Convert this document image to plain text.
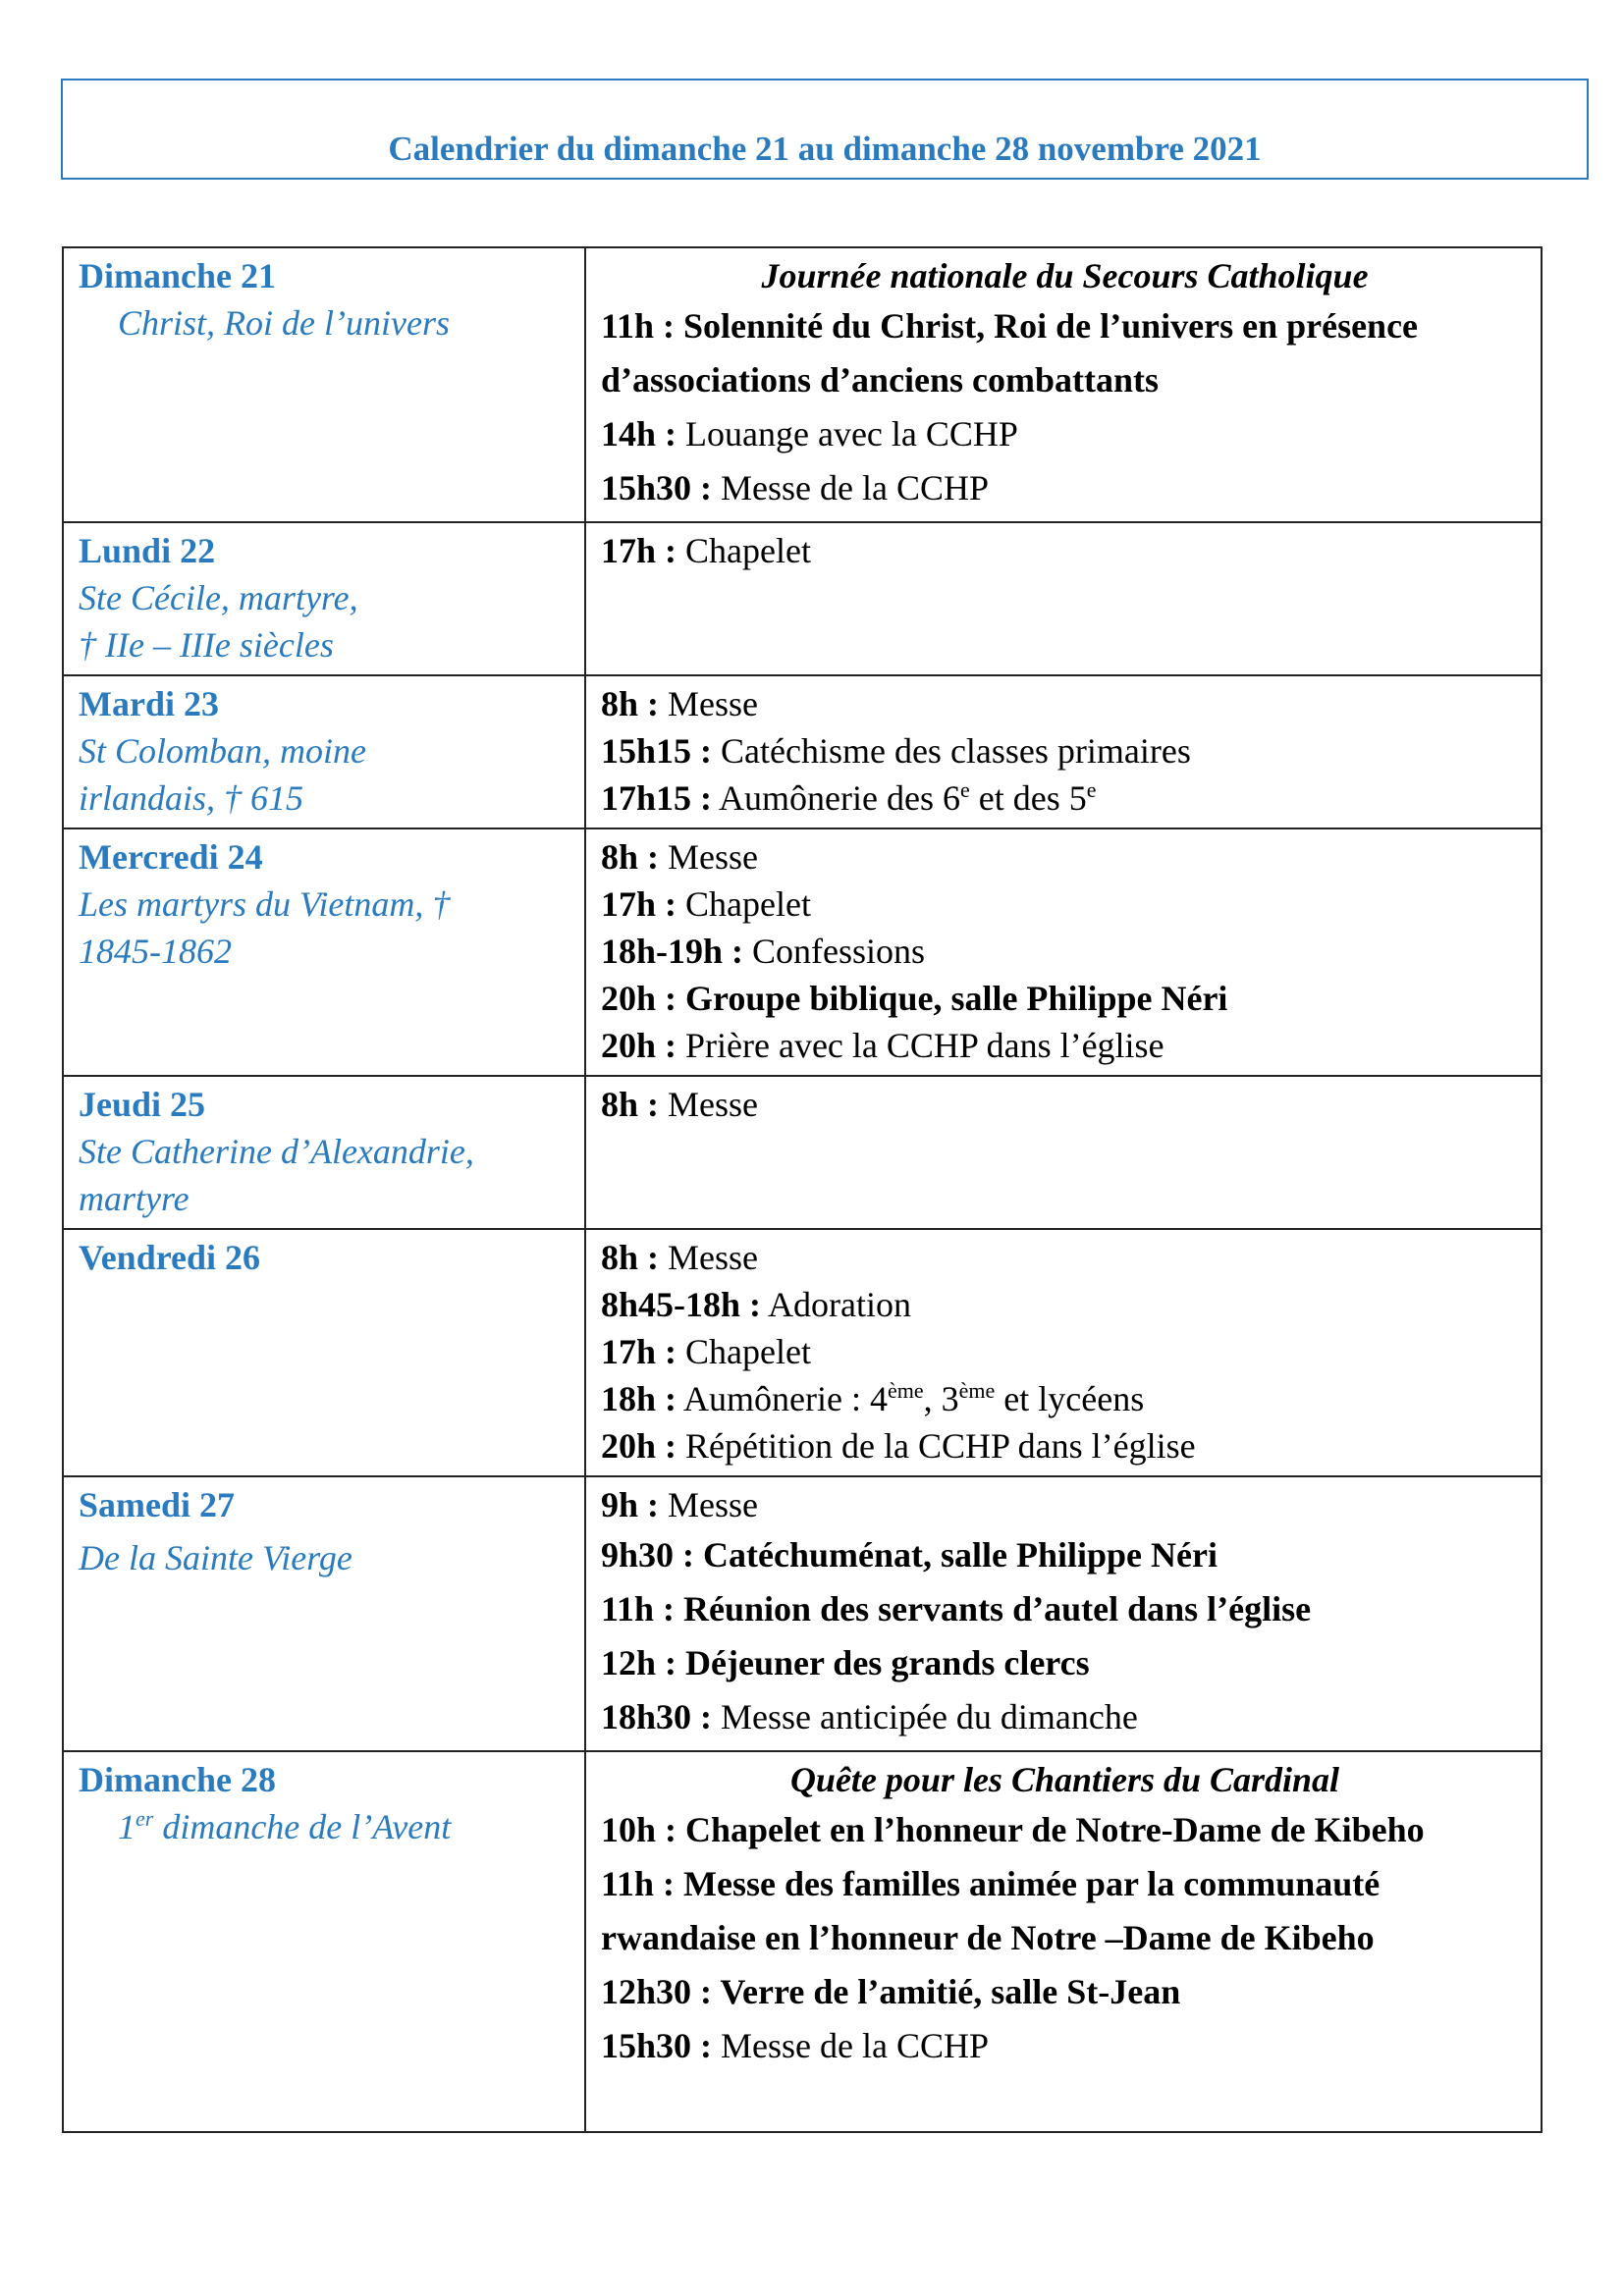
Calendrier du dimanche 21 au dimanche 28 novembre 2021
Dimanche 21
Christ, Roi de l’univers	Journée nationale du Secours Catholique
11h : Solennité du Christ, Roi de l’univers en présence d’associations d’anciens combattants
14h : Louange avec la CCHP
15h30 : Messe de la CCHP

Lundi 22
Ste Cécile, martyre,
† IIe – IIIe siècles	17h : Chapelet

Mardi 23
St Colomban, moine
irlandais, † 615	8h : Messe
15h15 : Catéchisme des classes primaires
17h15 : Aumônerie des 6e et des 5e

Mercredi 24
Les martyrs du Vietnam, †
1845-1862	8h : Messe
17h : Chapelet
18h-19h : Confessions
20h : Groupe biblique, salle Philippe Néri
20h : Prière avec la CCHP dans l’église

Jeudi 25
Ste Catherine d’Alexandrie,
martyre	8h : Messe

Vendredi 26	8h : Messe
8h45-18h : Adoration
17h : Chapelet
18h : Aumônerie : 4ème, 3ème et lycéens
20h : Répétition de la CCHP dans l’église

Samedi 27
De la Sainte Vierge	9h : Messe
9h30 : Catéchuménat, salle Philippe Néri
11h : Réunion des servants d’autel dans l’église
12h : Déjeuner des grands clercs
18h30 : Messe anticipée du dimanche

Dimanche 28
1er dimanche de l’Avent	Quête pour les Chantiers du Cardinal
10h : Chapelet en l’honneur de Notre-Dame de Kibeho
11h : Messe des familles animée par la communauté rwandaise en l’honneur de Notre –Dame de Kibeho
12h30 : Verre de l’amitié, salle St-Jean
15h30 : Messe de la CCHP
